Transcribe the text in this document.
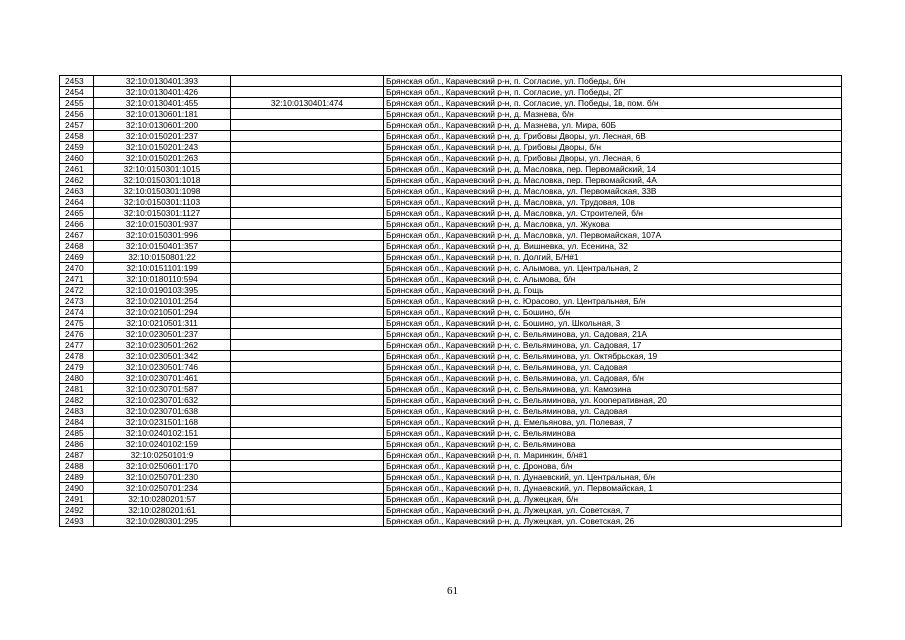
2453	32:10:0130401:393		Брянская обл., Карачевский р-н, п. Согласие, ул. Победы, б/н
2454	32:10:0130401:426		Брянская обл., Карачевский р-н, п. Согласие, ул. Победы, 2Г
2455	32:10:0130401:455	32:10:0130401:474	Брянская обл., Карачевский р-н, п. Согласие, ул. Победы, 1в, пом. б/н
2456	32:10:0130601:181		Брянская обл., Карачевский р-н, д. Мазнева, б/н
2457	32:10:0130601:200		Брянская обл., Карачевский р-н, д. Мазнева, ул. Мира, 60Б
2458	32:10:0150201:237		Брянская обл., Карачевский р-н, д. Грибовы Дворы, ул. Лесная, 6В
2459	32:10:0150201:243		Брянская обл., Карачевский р-н, д. Грибовы Дворы, б/н
2460	32:10:0150201:263		Брянская обл., Карачевский р-н, д. Грибовы Дворы, ул. Лесная, 6
2461	32:10:0150301:1015		Брянская обл., Карачевский р-н, д. Масловка, пер. Первомайский, 14
2462	32:10:0150301:1018		Брянская обл., Карачевский р-н, д. Масловка, пер. Первомайский, 4А
2463	32:10:0150301:1098		Брянская обл., Карачевский р-н, д. Масловка, ул. Первомайская, 33В
2464	32:10:0150301:1103		Брянская обл., Карачевский р-н, д. Масловка, ул. Трудовая, 10в
2465	32:10:0150301:1127		Брянская обл., Карачевский р-н, д. Масловка, ул. Строителей, б/н
2466	32:10:0150301:937		Брянская обл., Карачевский р-н, д. Масловка, ул. Жукова
2467	32:10:0150301:996		Брянская обл., Карачевский р-н, д. Масловка, ул. Первомайская, 107А
2468	32:10:0150401:357		Брянская обл., Карачевский р-н, д. Вишневка, ул. Есенина, 32
2469	32:10:0150801:22		Брянская обл., Карачевский р-н, п. Долгий, Б/Н#1
2470	32:10:0151101:199		Брянская обл., Карачевский р-н, с. Алымова, ул. Центральная, 2
2471	32:10:0180110:594		Брянская обл., Карачевский р-н, с. Алымова, б/н
2472	32:10:0190103:395		Брянская обл., Карачевский р-н, д. Гощь
2473	32:10:0210101:254		Брянская обл., Карачевский р-н, с. Юрасово, ул. Центральная, Б/н
2474	32:10:0210501:294		Брянская обл., Карачевский р-н, с. Бошино, б/н
2475	32:10:0210501:311		Брянская обл., Карачевский р-н, с. Бошино, ул. Школьная, 3
2476	32:10:0230501:237		Брянская обл., Карачевский р-н, с. Вельяминова, ул. Садовая, 21А
2477	32:10:0230501:262		Брянская обл., Карачевский р-н, с. Вельяминова, ул. Садовая, 17
2478	32:10:0230501:342		Брянская обл., Карачевский р-н, с. Вельяминова, ул. Октябрьская, 19
2479	32:10:0230501:746		Брянская обл., Карачевский р-н, с. Вельяминова, ул. Садовая
2480	32:10:0230701:461		Брянская обл., Карачевский р-н, с. Вельяминова, ул. Садовая, б/н
2481	32:10:0230701:587		Брянская обл., Карачевский р-н, с. Вельяминова, ул. Камозина
2482	32:10:0230701:632		Брянская обл., Карачевский р-н, с. Вельяминова, ул. Кооперативная, 20
2483	32:10:0230701:638		Брянская обл., Карачевский р-н, с. Вельяминова, ул. Садовая
2484	32:10:0231501:168		Брянская обл., Карачевский р-н, д. Емельянова, ул. Полевая, 7
2485	32:10:0240102:151		Брянская обл., Карачевский р-н, с. Вельяминова
2486	32:10:0240102:159		Брянская обл., Карачевский р-н, с. Вельяминова
2487	32:10:0250101:9		Брянская обл., Карачевский р-н, п. Маринкин, б/н#1
2488	32:10:0250601:170		Брянская обл., Карачевский р-н, с. Дронова, б/н
2489	32:10:0250701:230		Брянская обл., Карачевский р-н, п. Дунаевский, ул. Центральная, б/н
2490	32:10:0250701:234		Брянская обл., Карачевский р-н, п. Дунаевский, ул. Первомайская, 1
2491	32:10:0280201:57		Брянская обл., Карачевский р-н, д. Лужецкая, б/н
2492	32:10:0280201:61		Брянская обл., Карачевский р-н, д. Лужецкая, ул. Советская, 7
2493	32:10:0280301:295		Брянская обл., Карачевский р-н, д. Лужецкая, ул. Советская, 26
61
